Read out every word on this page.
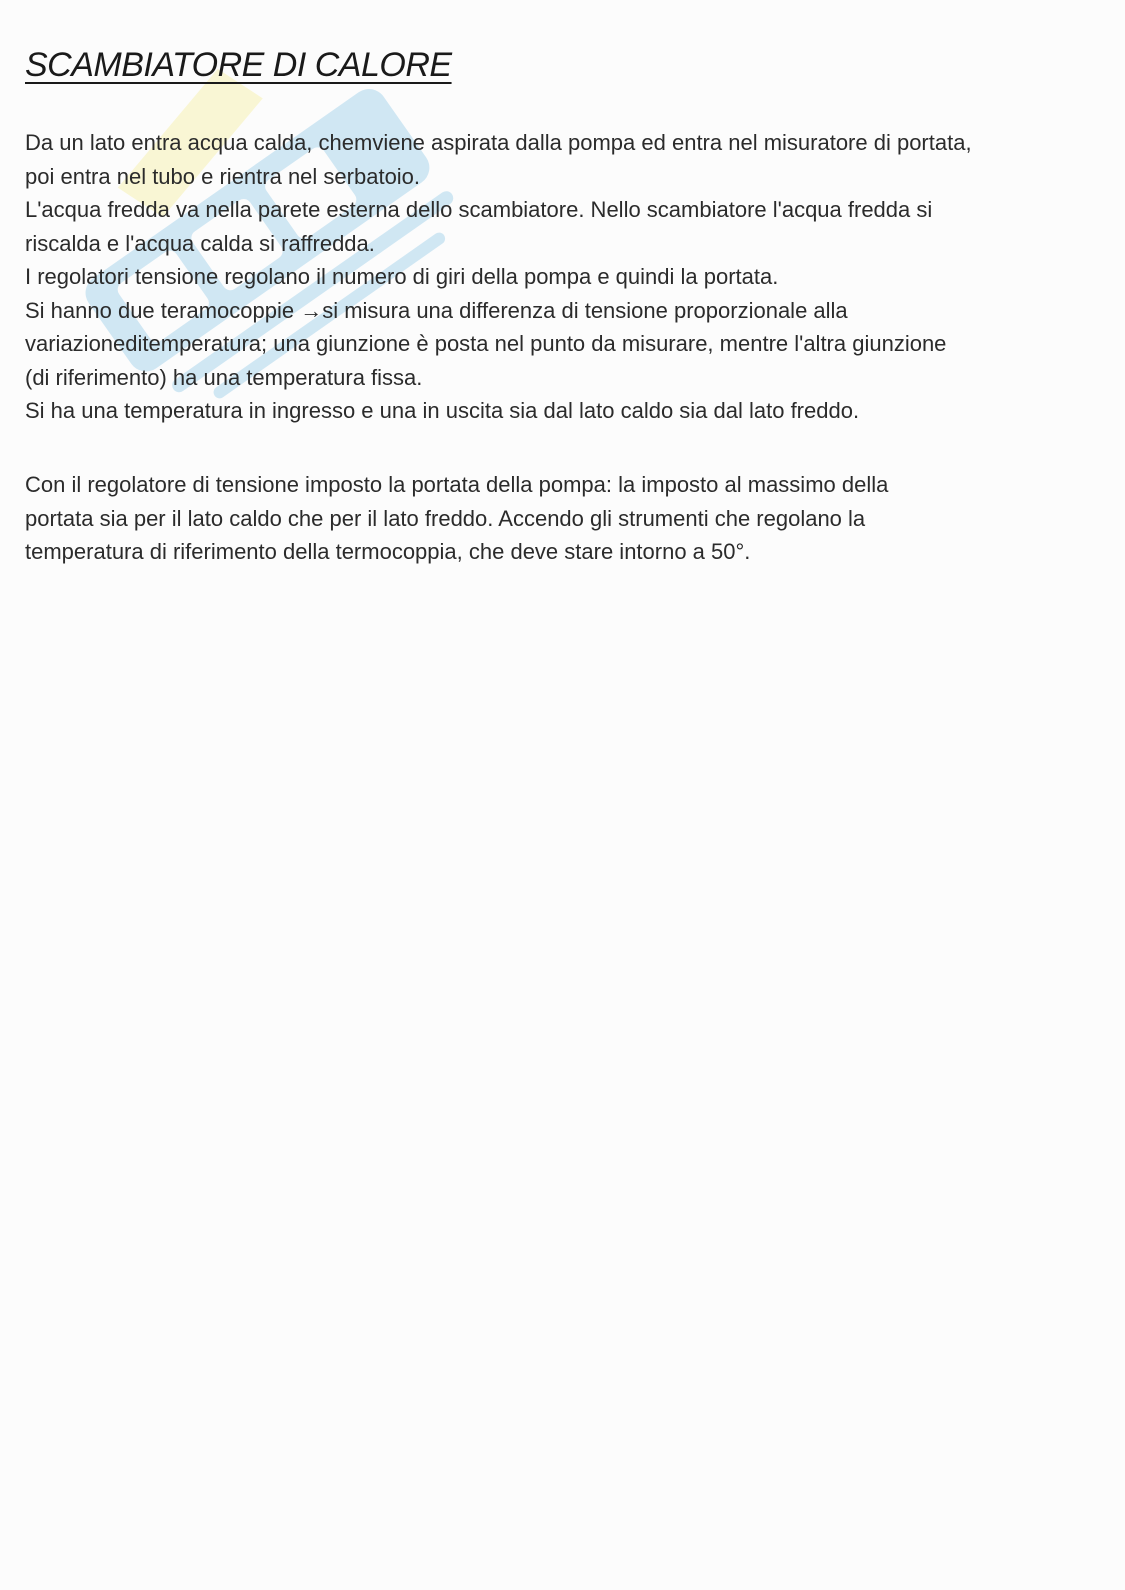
SCAMBIATORE DI CALORE
Da un lato entra acqua calda, chemviene aspirata dalla pompa ed entra nel misuratore di portata,
poi entra nel tubo e rientra nel serbatoio.
L'acqua fredda va nella parete esterna dello scambiatore. Nello scambiatore l'acqua fredda si
riscalda e l'acqua calda si raffredda.
I regolatori tensione regolano il numero di giri della pompa e quindi la portata.
Si hanno due teramocoppie →si misura una differenza di tensione proporzionale alla
variazioneditemperatura; una giunzione è posta nel punto da misurare, mentre l'altra giunzione
(di riferimento) ha una temperatura fissa.
Si ha una temperatura in ingresso e una in uscita sia dal lato caldo sia dal lato freddo.
Con il regolatore di tensione imposto la portata della pompa: la imposto al massimo della
portata sia per il lato caldo che per il lato freddo. Accendo gli strumenti che regolano la
temperatura di riferimento della termocoppia, che deve stare intorno a 50°.
